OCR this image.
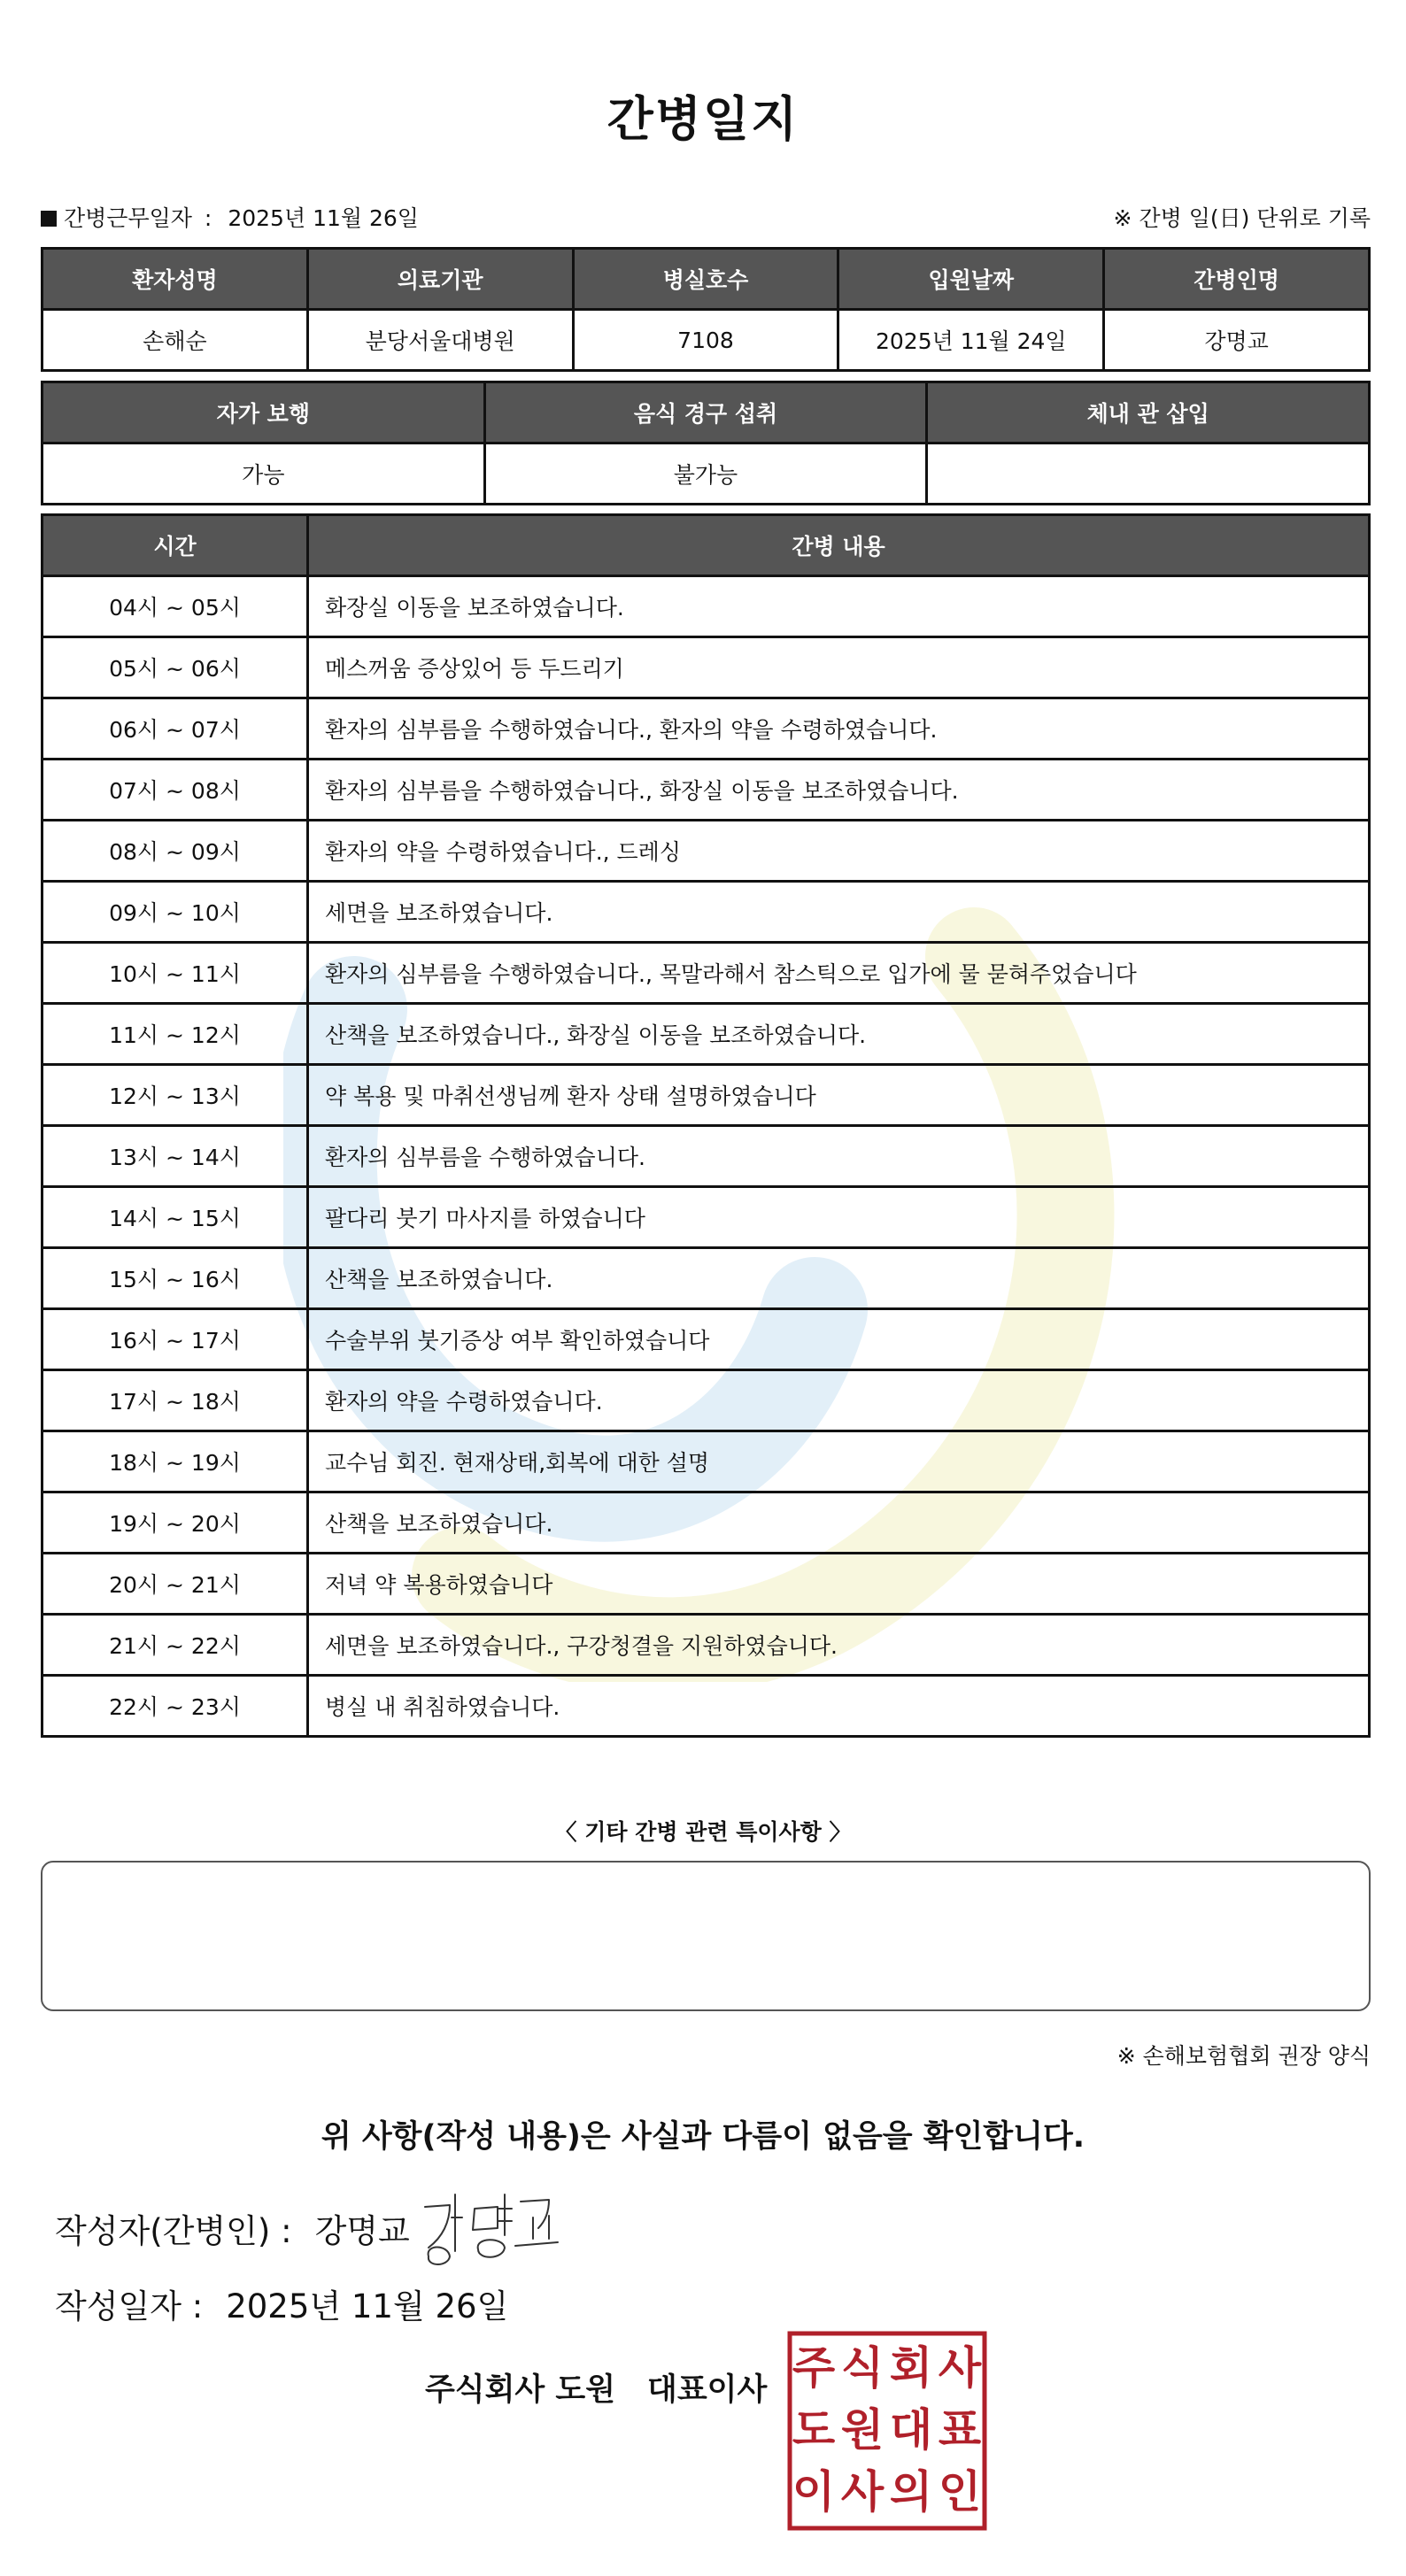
간병일지
간병근무일자 : 2025년 11월 26일	※ 간병 일(日) 단위로 기록
환자성명	의료기관	병실호수	입원날짜	간병인명
손해순	분당서울대병원	7108	2025년 11월 24일	강명교
자가 보행	음식 경구 섭취	체내 관 삽입
가능	불가능	
시간	간병 내용
04시 ~ 05시	화장실 이동을 보조하였습니다.
05시 ~ 06시	메스꺼움 증상있어 등 두드리기
06시 ~ 07시	환자의 심부름을 수행하였습니다., 환자의 약을 수령하였습니다.
07시 ~ 08시	환자의 심부름을 수행하였습니다., 화장실 이동을 보조하였습니다.
08시 ~ 09시	환자의 약을 수령하였습니다., 드레싱
09시 ~ 10시	세면을 보조하였습니다.
10시 ~ 11시	환자의 심부름을 수행하였습니다., 목말라해서 참스틱으로 입가에 물 묻혀주었습니다
11시 ~ 12시	산책을 보조하였습니다., 화장실 이동을 보조하였습니다.
12시 ~ 13시	약 복용 및 마취선생님께 환자 상태 설명하였습니다
13시 ~ 14시	환자의 심부름을 수행하였습니다.
14시 ~ 15시	팔다리 붓기 마사지를 하였습니다
15시 ~ 16시	산책을 보조하였습니다.
16시 ~ 17시	수술부위 붓기증상 여부 확인하였습니다
17시 ~ 18시	환자의 약을 수령하였습니다.
18시 ~ 19시	교수님 회진. 현재상태,회복에 대한 설명
19시 ~ 20시	산책을 보조하였습니다.
20시 ~ 21시	저녁 약 복용하였습니다
21시 ~ 22시	세면을 보조하였습니다., 구강청결을 지원하였습니다.
22시 ~ 23시	병실 내 취침하였습니다.
〈 기타 간병 관련 특이사항 〉
※ 손해보험협회 권장 양식
위 사항(작성 내용)은 사실과 다름이 없음을 확인합니다.
작성자(간병인) : 강명교
작성일자 : 2025년 11월 26일
주식회사 도원 대표이사 주 식 회 사
도 원 대 표
이 사 의 인
